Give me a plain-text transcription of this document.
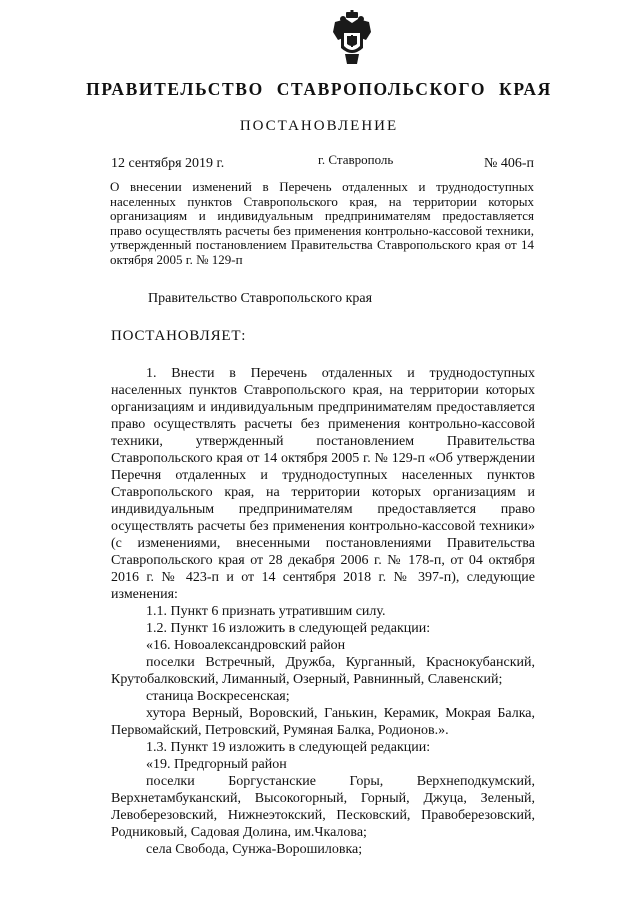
ПРАВИТЕЛЬСТВО СТАВРОПОЛЬСКОГО КРАЯ
ПОСТАНОВЛЕНИЕ
12 сентября 2019 г.	г. Ставрополь	№ 406-п
О внесении изменений в Перечень отдаленных и труднодоступных населенных пунктов Ставропольского края, на территории которых организациям и индивидуальным предпринимателям предоставляется право осуществлять расчеты без применения контрольно-кассовой техники, утвержденный постановлением Правительства Ставропольского края от 14 октября 2005 г. № 129-п
Правительство Ставропольского края
ПОСТАНОВЛЯЕТ:

1. Внести в Перечень отдаленных и труднодоступных населенных пунктов Ставропольского края, на территории которых организациям и индивидуальным предпринимателям предоставляется право осуществлять расчеты без применения контрольно-кассовой техники, утвержденный постановлением Правительства Ставропольского края от 14 октября 2005 г. № 129-п «Об утверждении Перечня отдаленных и труднодоступных населенных пунктов Ставропольского края, на территории которых организациям и индивидуальным предпринимателям предоставляется право осуществлять расчеты без применения контрольно-кассовой техники» (с изменениями, внесенными постановлениями Правительства Ставропольского края от 28 декабря 2006 г. № 178-п, от 04 октября 2016 г. № 423-п и от 14 сентября 2018 г. № 397-п), следующие изменения:

1.1. Пункт 6 признать утратившим силу.

1.2. Пункт 16 изложить в следующей редакции:

«16. Новоалександровский район

поселки Встречный, Дружба, Курганный, Краснокубанский, Крутобалковский, Лиманный, Озерный, Равнинный, Славенский;

станица Воскресенская;

хутора Верный, Воровский, Ганькин, Керамик, Мокрая Балка, Первомайский, Петровский, Румяная Балка, Родионов.».

1.3. Пункт 19 изложить в следующей редакции:

«19. Предгорный район

поселки Боргустанские Горы, Верхнеподкумский, Верхнетамбуканский, Высокогорный, Горный, Джуца, Зеленый, Левоберезовский, Нижнеэтокский, Песковский, Правоберезовский, Родниковый, Садовая Долина, им.Чкалова;

села Свобода, Сунжа-Ворошиловка;
